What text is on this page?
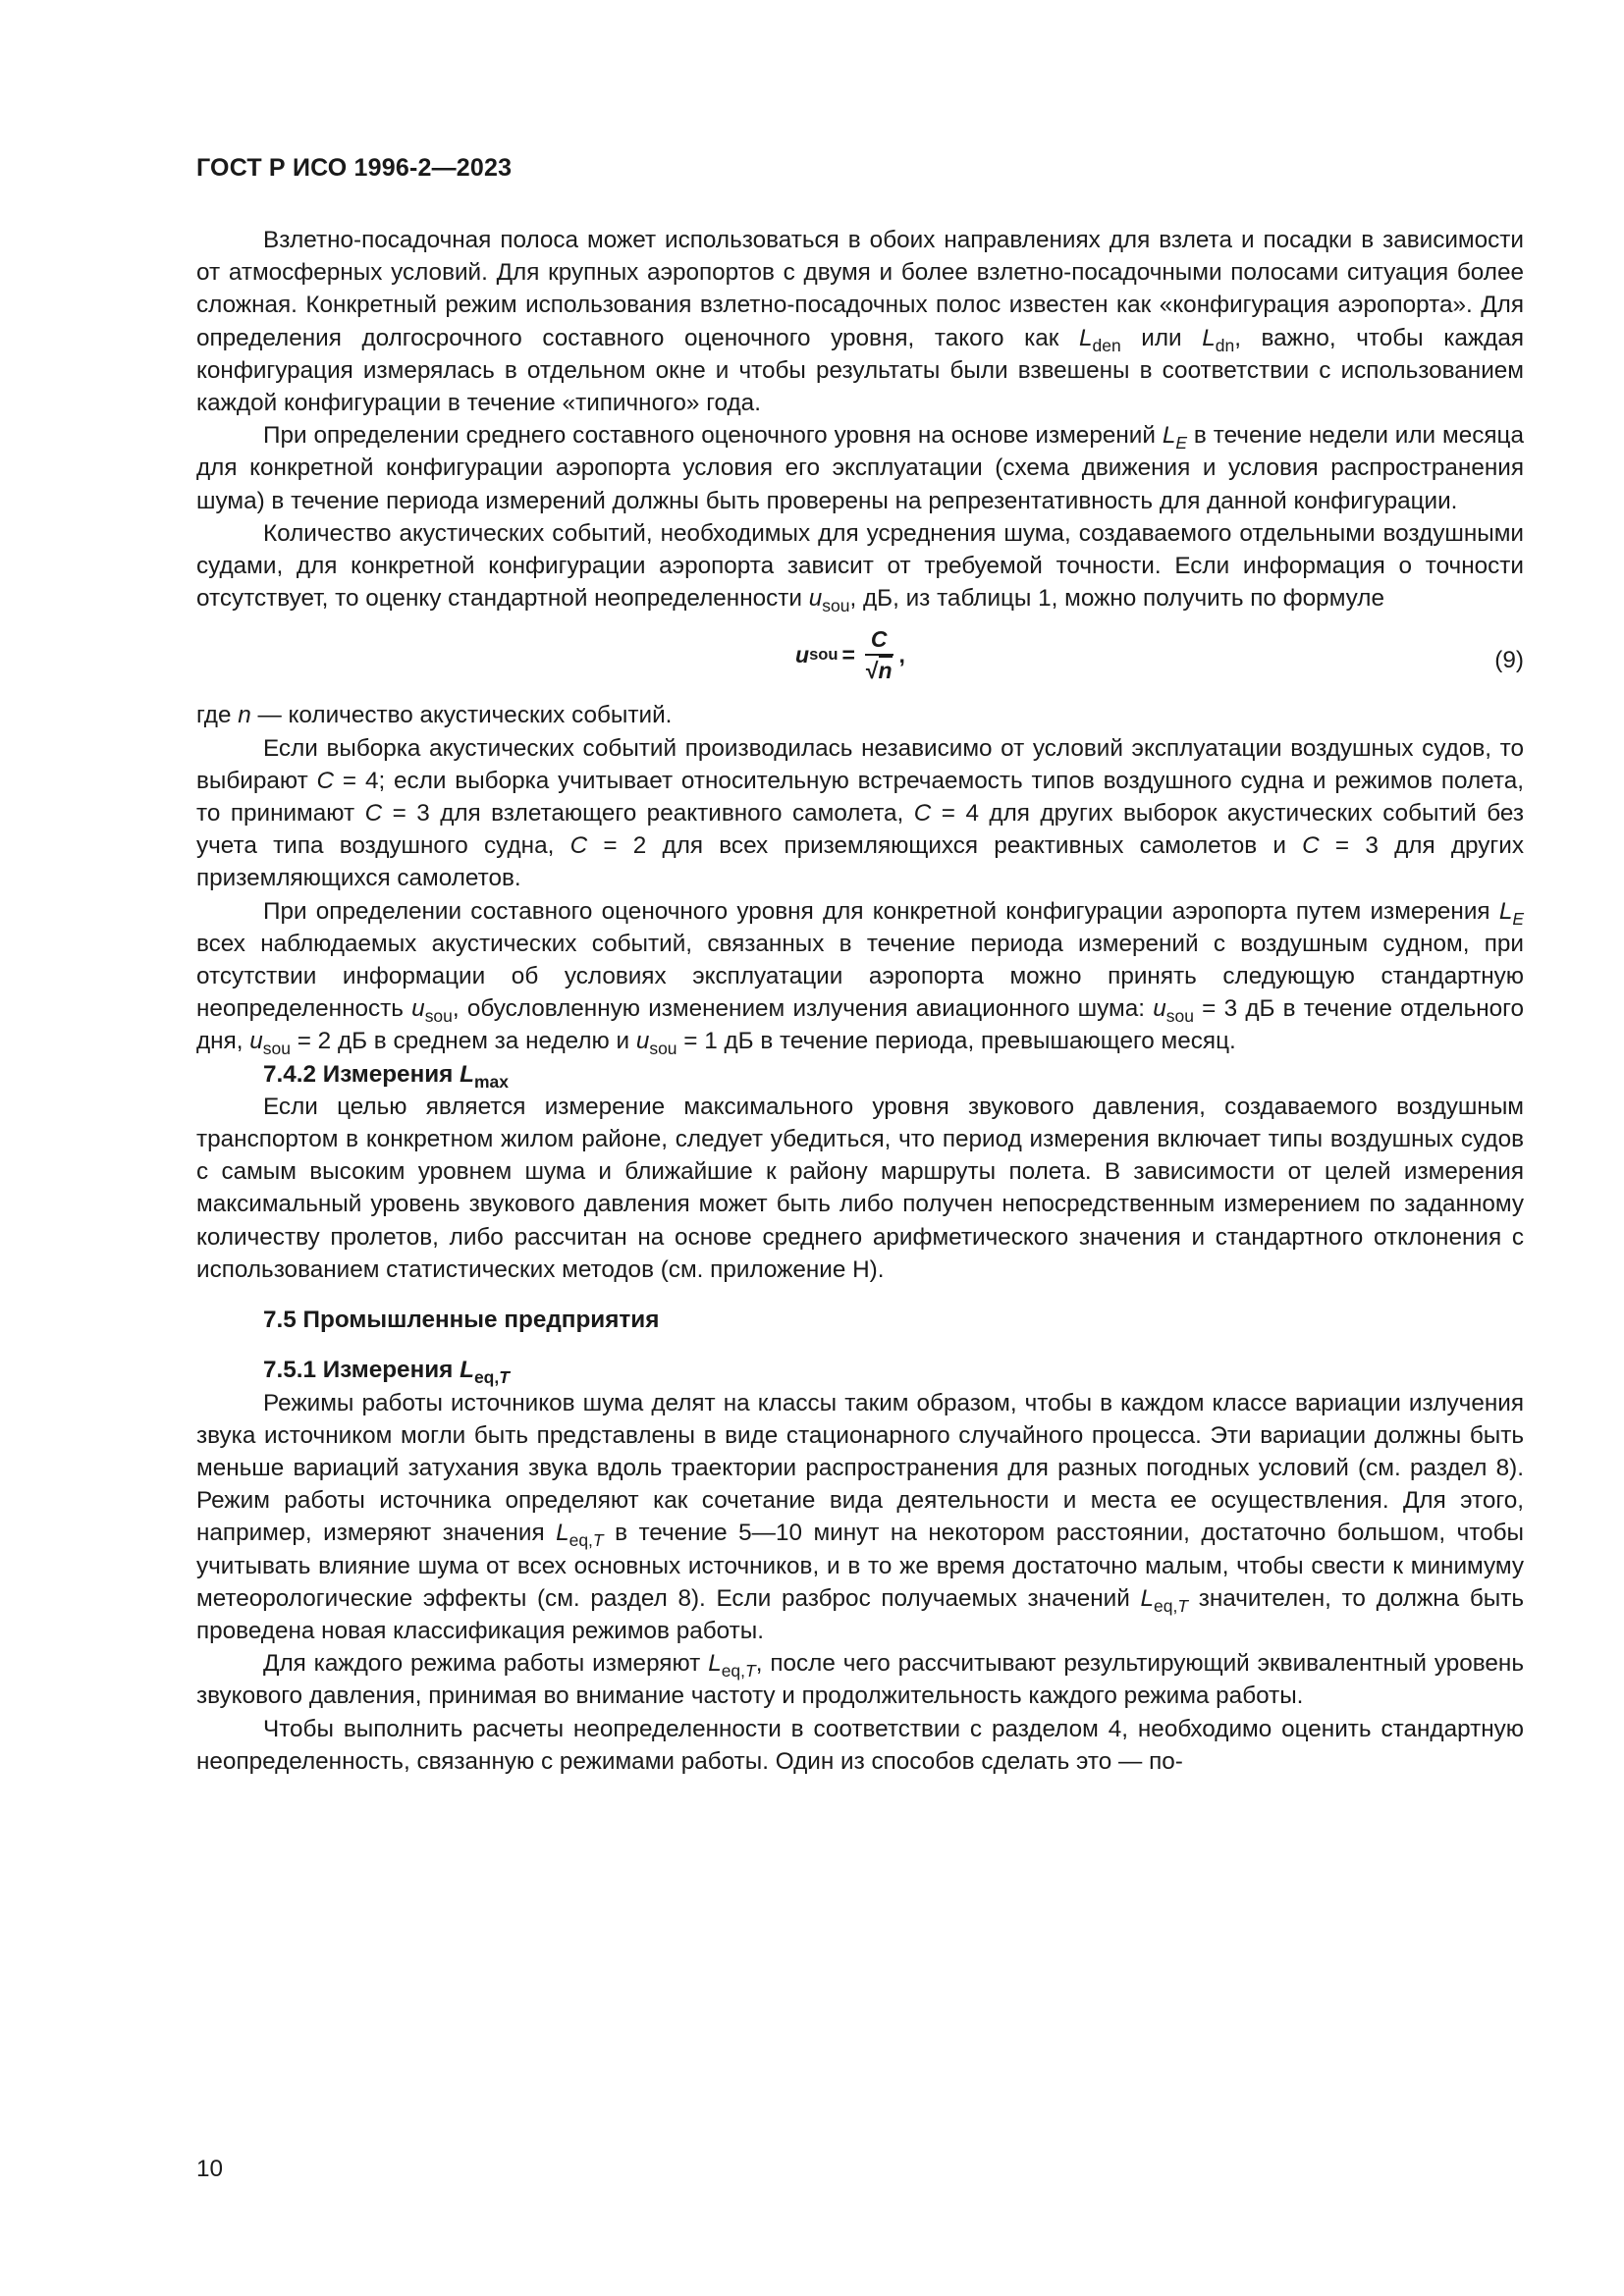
ГОСТ Р ИСО 1996-2—2023

Взлетно-посадочная полоса может использоваться в обоих направлениях для взлета и посадки в зависимости от атмосферных условий. Для крупных аэропортов с двумя и более взлетно-посадочными полосами ситуация более сложная. Конкретный режим использования взлетно-посадочных полос известен как «конфигурация аэропорта». Для определения долгосрочного составного оценочного уровня, такого как $L_{den}$ или $L_{dn}$, важно, чтобы каждая конфигурация измерялась в отдельном окне и чтобы результаты были взвешены в соответствии с использованием каждой конфигурации в течение «типичного» года.

При определении среднего составного оценочного уровня на основе измерений $L_E$ в течение недели или месяца для конкретной конфигурации аэропорта условия его эксплуатации (схема движения и условия распространения шума) в течение периода измерений должны быть проверены на репрезентативность для данной конфигурации.

Количество акустических событий, необходимых для усреднения шума, создаваемого отдельными воздушными судами, для конкретной конфигурации аэропорта зависит от требуемой точности. Если информация о точности отсутствует, то оценку стандартной неопределенности $u_{sou}$, дБ, из таблицы 1, можно получить по формуле

u sou = $\frac{C}{√n}$ ,	(9)

где n — количество акустических событий.

Если выборка акустических событий производилась независимо от условий эксплуатации воздушных судов, то выбирают C = 4; если выборка учитывает относительную встречаемость типов воздушного судна и режимов полета, то принимают C = 3 для взлетающего реактивного самолета, C = 4 для других выборок акустических событий без учета типа воздушного судна, C = 2 для всех приземляющихся реактивных самолетов и C = 3 для других приземляющихся самолетов.

При определении составного оценочного уровня для конкретной конфигурации аэропорта путем измерения $L_E$ всех наблюдаемых акустических событий, связанных в течение периода измерений с воздушным судном, при отсутствии информации об условиях эксплуатации аэропорта можно принять следующую стандартную неопределенность $u_{sou}$, обусловленную изменением излучения авиационного шума: $u_{sou} = 3$ дБ в течение отдельного дня, $u_{sou} = 2$ дБ в среднем за неделю и $u_{sou} = 1$ дБ в течение периода, превышающего месяц.

7.4.2 Измерения $L_{max}$

Если целью является измерение максимального уровня звукового давления, создаваемого воздушным транспортом в конкретном жилом районе, следует убедиться, что период измерения включает типы воздушных судов с самым высоким уровнем шума и ближайшие к району маршруты полета. В зависимости от целей измерения максимальный уровень звукового давления может быть либо получен непосредственным измерением по заданному количеству пролетов, либо рассчитан на основе среднего арифметического значения и стандартного отклонения с использованием статистических методов (см. приложение Н).

7.5 Промышленные предприятия
7.5.1 Измерения $L_{eq,T}$

Режимы работы источников шума делят на классы таким образом, чтобы в каждом классе вариации излучения звука источником могли быть представлены в виде стационарного случайного процесса. Эти вариации должны быть меньше вариаций затухания звука вдоль траектории распространения для разных погодных условий (см. раздел 8). Режим работы источника определяют как сочетание вида деятельности и места ее осуществления. Для этого, например, измеряют значения $L_{eq,T}$ в течение 5—10 минут на некотором расстоянии, достаточно большом, чтобы учитывать влияние шума от всех основных источников, и в то же время достаточно малым, чтобы свести к минимуму метеорологические эффекты (см. раздел 8). Если разброс получаемых значений $L_{eq,T}$ значителен, то должна быть проведена новая классификация режимов работы.

Для каждого режима работы измеряют $L_{eq,T}$, после чего рассчитывают результирующий эквивалентный уровень звукового давления, принимая во внимание частоту и продолжительность каждого режима работы.

Чтобы выполнить расчеты неопределенности в соответствии с разделом 4, необходимо оценить стандартную неопределенность, связанную с режимами работы. Один из способов сделать это — по-

10
